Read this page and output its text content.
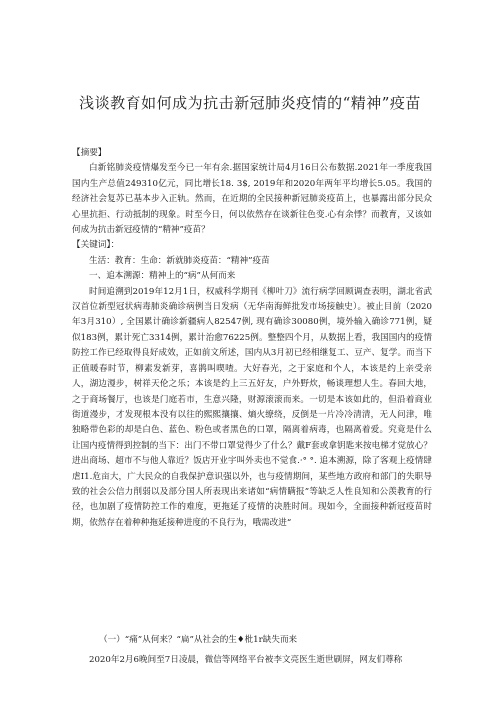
浅谈教育如何成为抗击新冠肺炎疫情的“精神”疫苗

【摘要】

白新铭肺炎疫情爆发至今已一年有余.据国家统计局4月16日公布数据.2021年一季度我国国内生产总值249310亿元，同比增长18. 3$, 2019年和2020年两年平均增长5.05。我国的经济社会复苏已基本步入正轨。然而，在近期的全民接种新冠肺炎疫苗上，也暴露出部分民众心里抗拒、行动抵制的现象。时至今日，何以依然存在谈新往色变.心有余悸？而教育，又该如何成为抗击新冠疫情的“精神”疫苗？

【关键词】：

生活：教育：生命：新就肺炎疫苗：“精神”疫苗

一、追本溯源：精神上的“病”从何而来

时间追溯到2019年12月1日，权威科学期刊《柳叶刀》流行病学回顾调查表明，湖北省武汉首位新型冠状病毒肺炎确诊病例当日发病（无华南海鲜批发市场接触史）。被止目前（2020年3月310）, 全国累计确诊新疆病人82547例, 现有确诊30080例，境外输入确诊771例，疑似183例，累计死亡3314例，累计治愈76225例。整整四个月，从数据上看，我国国内的疫情防控工作已经取得良好成效，正如前文所述，国内从3月初已经相继复工、豆产、复学。而当下正值暖春时节，柳素发新芽，喜鹊叫喫喳。大好春光，之于家庭和个人，本该是约上亲受亲人，湖边漫步，树祥天伦之乐；本该是约上三五好友，户外野炊，畅谈理想人生。春回大地，之于商场餐厅，也该是门庭若市，生意兴隆，财源滚滚而来。一切是本该如此的，但沿着商业街道漫步，才发现根本没有以往的熙熙攘攘、熵火缭绕，反倒是一片冷冷清清，无人问津，唯独略带色彩的却是白色、蓝色、粉色或者黑色的口罩，隔离着病毒，也隔离着爱。究竟是什么让国内疫情得到控制的当下：出门不带口罩觉得少了什么？戴F套或拿钥匙来按电梯才觉放心？进出商场、超市不与他人靠近？饭店开业宇叫外卖也不觉食.·° °. 追本溯源，除了客观上疫情肆虐I1.危亩大，广大民众的自我保护意识强以外，也与疫情期间，某些地方政府和部门的失职导致的社会公信力削弱以及部分国人所表现出来诸如“病情瞒报”等缺乏人性良知和公羡教育的行径，也加剧了疫情防控工作的难度，更拖延了疫情的决胜时间。现如今，全面接种新冠疫苗时期，依然存在着种种拖延接种进度的不良行为，哦需改进“

（一）“痛”从何来？“扁”从社会的生♦枇1r缺失而来

2020年2月6晚间至7日凌晨，微信等网络平台被李文亮医生逝世刷屏，网友们尊称
